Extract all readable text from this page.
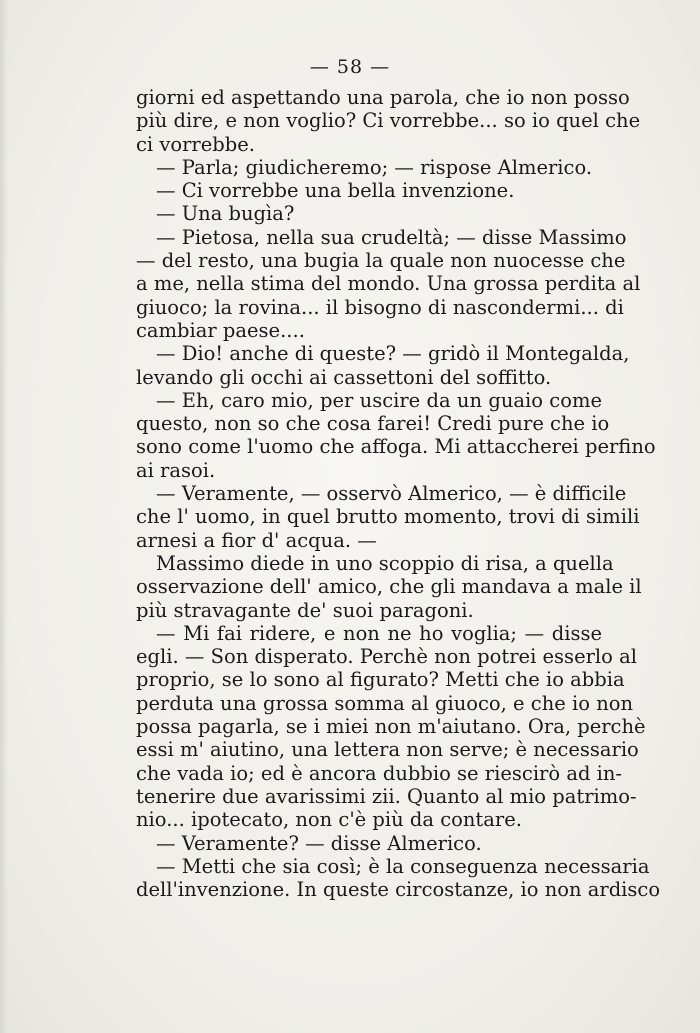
— 58 —
giorni ed aspettando una parola, che io non posso
più dire, e non voglio? Ci vorrebbe... so io quel che
ci vorrebbe.
— Parla; giudicheremo; — rispose Almerico.
— Ci vorrebbe una bella invenzione.
— Una bugìa?
— Pietosa, nella sua crudeltà; — disse Massimo
— del resto, una bugia la quale non nuocesse che
a me, nella stima del mondo. Una grossa perdita al
giuoco; la rovina... il bisogno di nascondermi... di
cambiar paese....
— Dio! anche di queste? — gridò il Montegalda,
levando gli occhi ai cassettoni del soffitto.
— Eh, caro mio, per uscire da un guaio come
questo, non so che cosa farei! Credi pure che io
sono come l'uomo che affoga. Mi attaccherei perfino
ai rasoi.
— Veramente, — osservò Almerico, — è difficile
che l' uomo, in quel brutto momento, trovi di simili
arnesi a fior d' acqua. —
Massimo diede in uno scoppio di risa, a quella
osservazione dell' amico, che gli mandava a male il
più stravagante de' suoi paragoni.
— Mi fai ridere, e non ne ho voglia; — disse
egli. — Son disperato. Perchè non potrei esserlo al
proprio, se lo sono al figurato? Metti che io abbia
perduta una grossa somma al giuoco, e che io non
possa pagarla, se i miei non m'aiutano. Ora, perchè
essi m' aiutino, una lettera non serve; è necessario
che vada io; ed è ancora dubbio se riescirò ad in-
tenerire due avarissimi zii. Quanto al mio patrimo-
nio... ipotecato, non c'è più da contare.
— Veramente? — disse Almerico.
— Metti che sia così; è la conseguenza necessaria
dell'invenzione. In queste circostanze, io non ardisco
